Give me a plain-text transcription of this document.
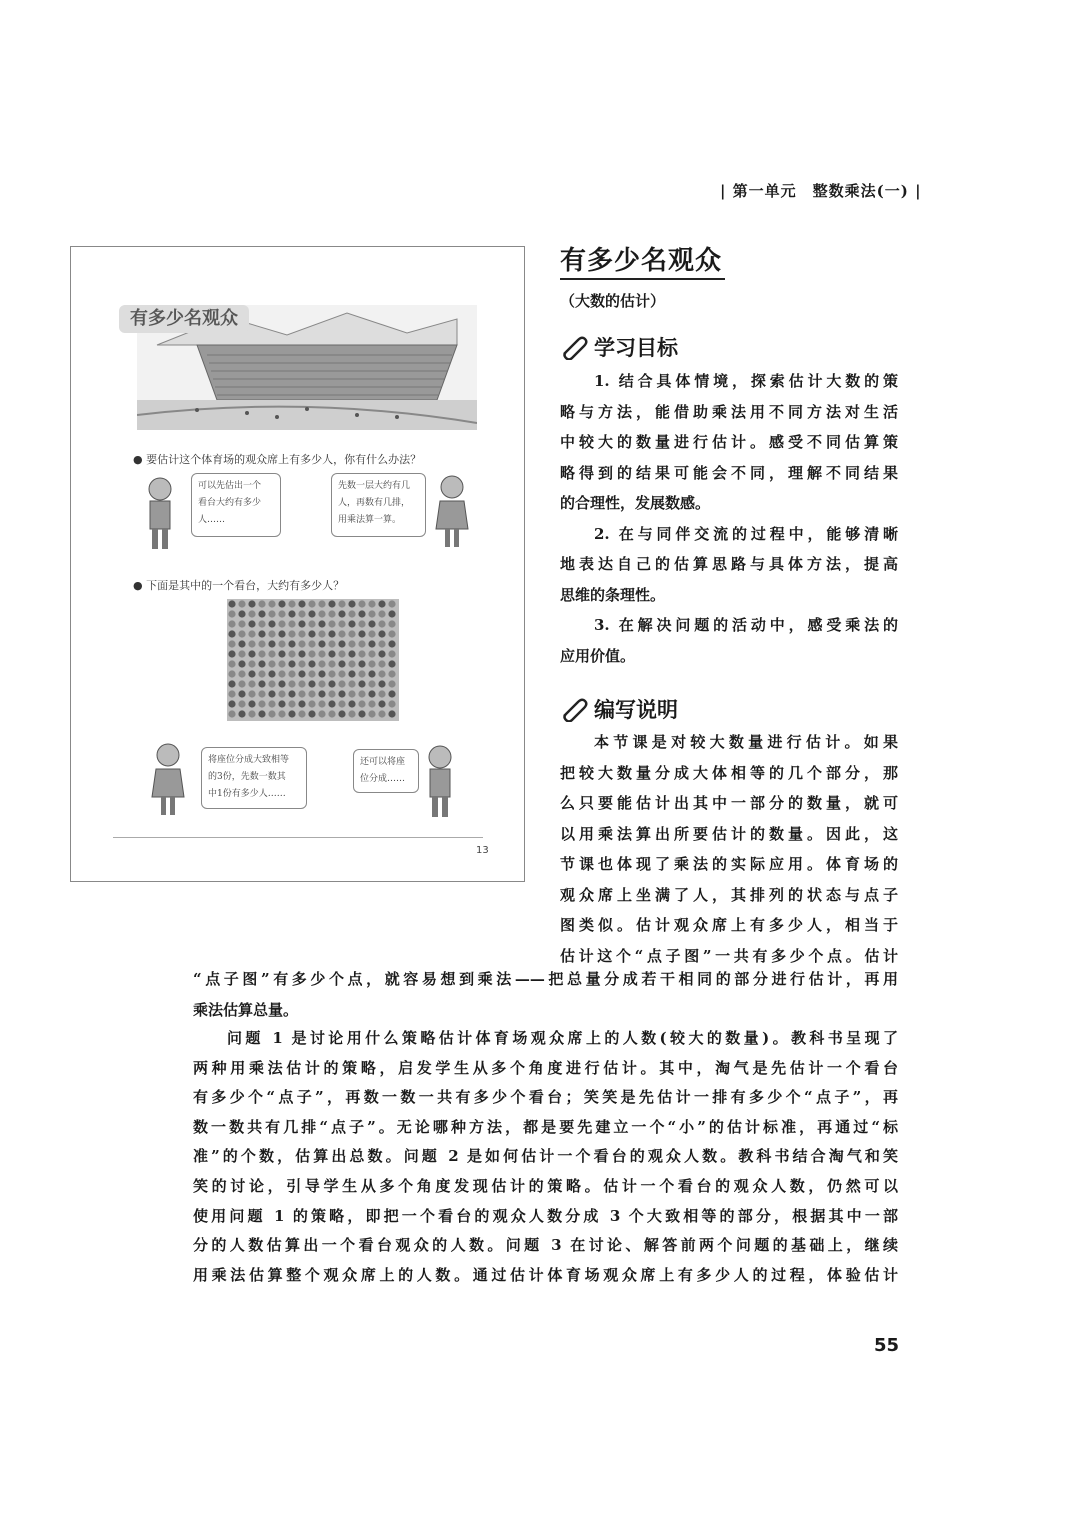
| 第一单元　整数乘法(一) |
有多少名观众
● 要估计这个体育场的观众席上有多少人，你有什么办法？
可以先估出一个
看台大约有多少
人……
先数一层大约有几
人，再数有几排，
用乘法算一算。
● 下面是其中的一个看台，大约有多少人？
将座位分成大致相等
的3份，先数一数其
中1份有多少人……
还可以将座
位分成……
13
有多少名观众
（大数的估计）
学习目标
1. 结合具体情境，探索估计大数的策
略与方法，能借助乘法用不同方法对生活
中较大的数量进行估计。感受不同估算策
略得到的结果可能会不同，理解不同结果
的合理性，发展数感。
2. 在与同伴交流的过程中，能够清晰
地表达自己的估算思路与具体方法，提高
思维的条理性。
3. 在解决问题的活动中，感受乘法的
应用价值。
编写说明
本节课是对较大数量进行估计。如果
把较大数量分成大体相等的几个部分，那
么只要能估计出其中一部分的数量，就可
以用乘法算出所要估计的数量。因此，这
节课也体现了乘法的实际应用。体育场的
观众席上坐满了人，其排列的状态与点子
图类似。估计观众席上有多少人，相当于
估计这个“点子图”一共有多少个点。估计
“点子图”有多少个点，就容易想到乘法——把总量分成若干相同的部分进行估计，再用
乘法估算总量。
问题 1 是讨论用什么策略估计体育场观众席上的人数(较大的数量)。教科书呈现了
两种用乘法估计的策略，启发学生从多个角度进行估计。其中，淘气是先估计一个看台
有多少个“点子”，再数一数一共有多少个看台；笑笑是先估计一排有多少个“点子”，再
数一数共有几排“点子”。无论哪种方法，都是要先建立一个“小”的估计标准，再通过“标
准”的个数，估算出总数。问题 2 是如何估计一个看台的观众人数。教科书结合淘气和笑
笑的讨论，引导学生从多个角度发现估计的策略。估计一个看台的观众人数，仍然可以
使用问题 1 的策略，即把一个看台的观众人数分成 3 个大致相等的部分，根据其中一部
分的人数估算出一个看台观众的人数。问题 3 在讨论、解答前两个问题的基础上，继续
用乘法估算整个观众席上的人数。通过估计体育场观众席上有多少人的过程，体验估计
55
